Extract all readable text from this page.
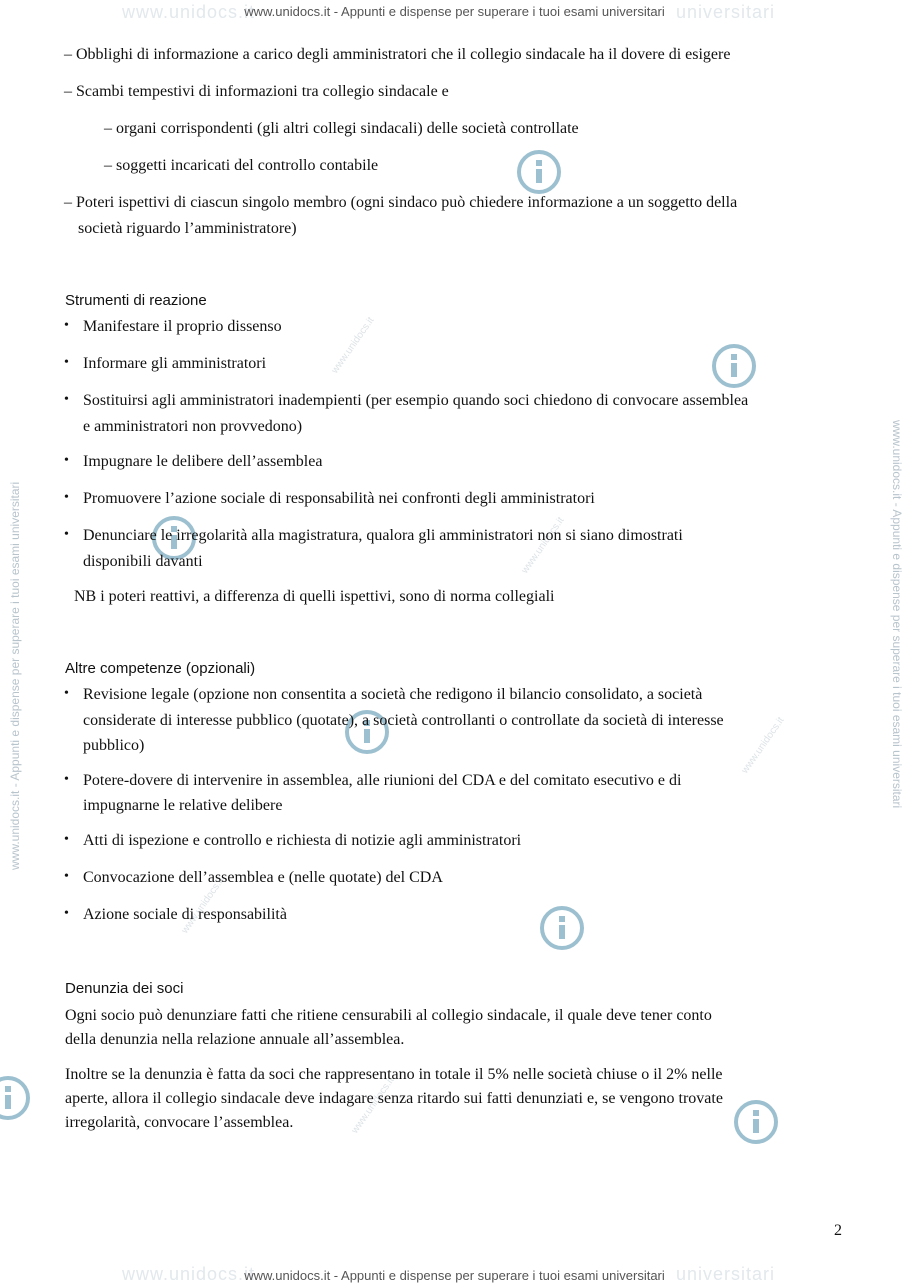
www.unidocs.it	universitari
www.unidocs.it	universitari
www.unidocs.it - Appunti e dispense per superare i tuoi esami universitari
www.unidocs.it - Appunti e dispense per superare i tuoi esami universitari
www.unidocs.it - Appunti e dispense per superare i tuoi esami universitari	www.unidocs.it - Appunti e dispense per superare i tuoi esami universitari
www.unidocs.it
www.unidocs.it
www.unidocs.it
www.unidocs.it
www.unidocs.it
– Obblighi di informazione a carico degli amministratori che il collegio sindacale ha il dovere di esigere
– Scambi tempestivi di informazioni tra collegio sindacale e
– organi corrispondenti (gli altri collegi sindacali) delle società controllate
– soggetti incaricati del controllo contabile
– Poteri ispettivi di ciascun singolo membro (ogni sindaco può chiedere informazione a un soggetto della
società riguardo l’amministratore)
Strumenti di reazione
• Manifestare il proprio dissenso
• Informare gli amministratori
• Sostituirsi agli amministratori inadempienti (per esempio quando soci chiedono di convocare assemblea
e amministratori non provvedono)
• Impugnare le delibere dell’assemblea
• Promuovere l’azione sociale di responsabilità nei confronti degli amministratori
• Denunciare le irregolarità alla magistratura, qualora gli amministratori non si siano dimostrati
disponibili davanti
NB i poteri reattivi, a differenza di quelli ispettivi, sono di norma collegiali
Altre competenze (opzionali)
• Revisione legale (opzione non consentita a società che redigono il bilancio consolidato, a società
considerate di interesse pubblico (quotate), a società controllanti o controllate da società di interesse
pubblico)
• Potere-dovere di intervenire in assemblea, alle riunioni del CDA e del comitato esecutivo e di
impugnarne le relative delibere
• Atti di ispezione e controllo e richiesta di notizie agli amministratori
• Convocazione dell’assemblea e (nelle quotate) del CDA
• Azione sociale di responsabilità
Denunzia dei soci
Ogni socio può denunziare fatti che ritiene censurabili al collegio sindacale, il quale deve tener conto
della denunzia nella relazione annuale all’assemblea.
Inoltre se la denunzia è fatta da soci che rappresentano in totale il 5% nelle società chiuse o il 2% nelle
aperte, allora il collegio sindacale deve indagare senza ritardo sui fatti denunziati e, se vengono trovate
irregolarità, convocare l’assemblea.
2
